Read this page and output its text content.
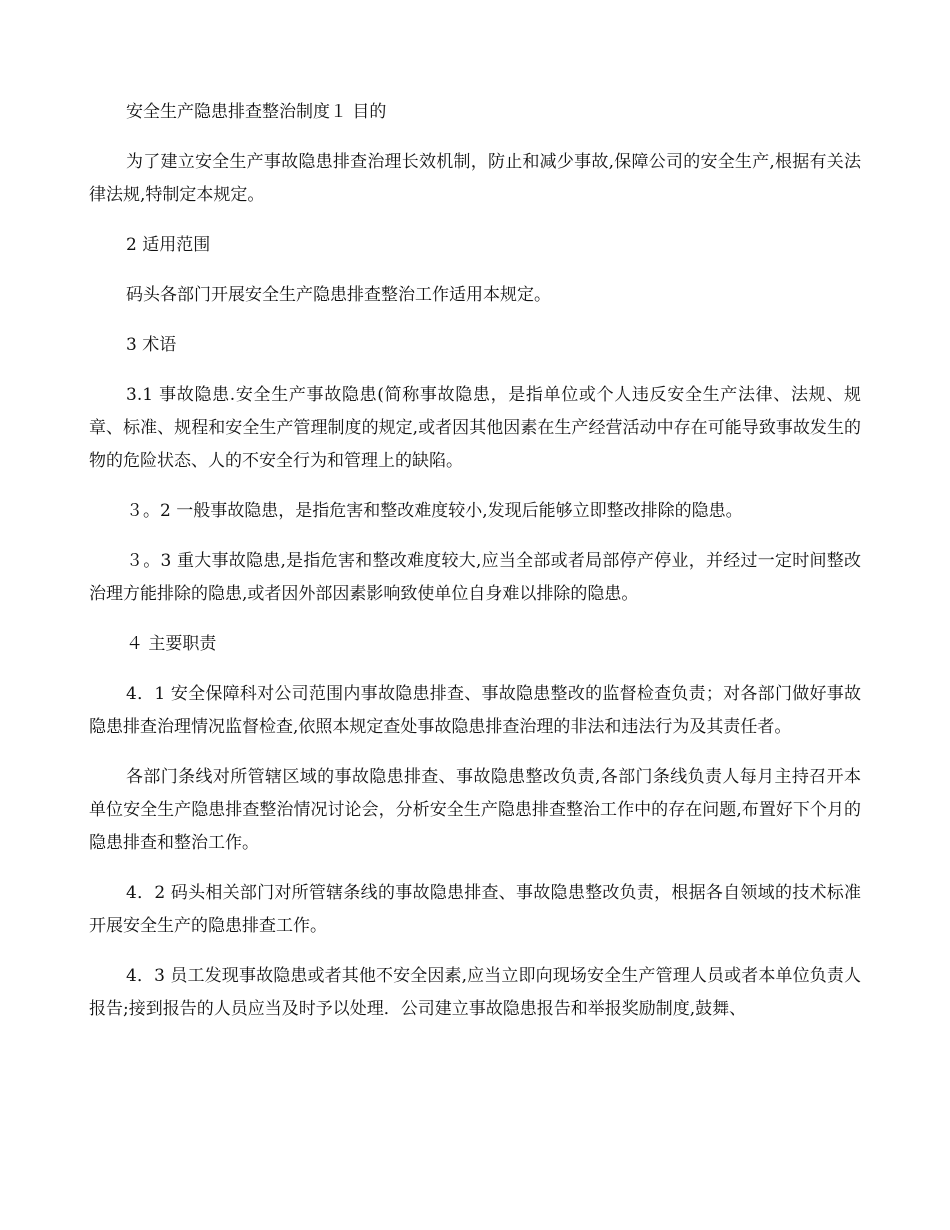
安全生产隐患排查整治制度１ 目的

为了建立安全生产事故隐患排查治理长效机制，防止和减少事故,保障公司的安全生产,根据有关法律法规,特制定本规定。

2 适用范围

码头各部门开展安全生产隐患排查整治工作适用本规定。

3 术语

3.1 事故隐患.安全生产事故隐患(简称事故隐患，是指单位或个人违反安全生产法律、法规、规章、标准、规程和安全生产管理制度的规定,或者因其他因素在生产经营活动中存在可能导致事故发生的物的危险状态、人的不安全行为和管理上的缺陷。

３。2 一般事故隐患，是指危害和整改难度较小,发现后能够立即整改排除的隐患。

３。3 重大事故隐患,是指危害和整改难度较大,应当全部或者局部停产停业，并经过一定时间整改治理方能排除的隐患,或者因外部因素影响致使单位自身难以排除的隐患。

４ 主要职责

4．1 安全保障科对公司范围内事故隐患排查、事故隐患整改的监督检查负责；对各部门做好事故隐患排查治理情况监督检查,依照本规定查处事故隐患排查治理的非法和违法行为及其责任者。

各部门条线对所管辖区域的事故隐患排查、事故隐患整改负责,各部门条线负责人每月主持召开本单位安全生产隐患排查整治情况讨论会，分析安全生产隐患排查整治工作中的存在问题,布置好下个月的隐患排查和整治工作。

4．2 码头相关部门对所管辖条线的事故隐患排查、事故隐患整改负责，根据各自领域的技术标准开展安全生产的隐患排查工作。

4．3 员工发现事故隐患或者其他不安全因素,应当立即向现场安全生产管理人员或者本单位负责人报告;接到报告的人员应当及时予以处理．公司建立事故隐患报告和举报奖励制度,鼓舞、
